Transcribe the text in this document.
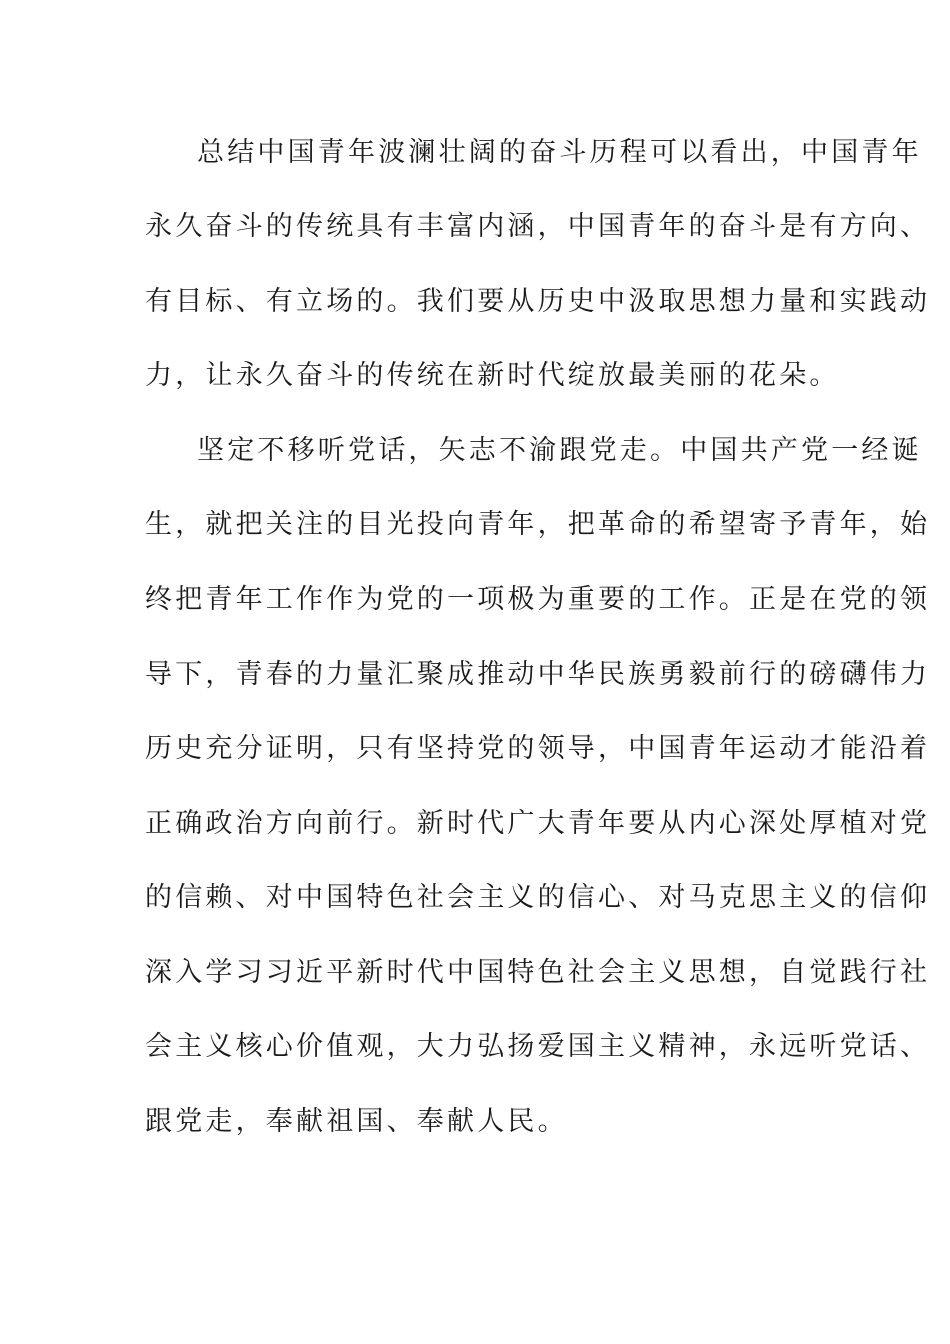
总结中国青年波澜壮阔的奋斗历程可以看出，中国青年
永久奋斗的传统具有丰富内涵，中国青年的奋斗是有方向、
有目标、有立场的。我们要从历史中汲取思想力量和实践动
力，让永久奋斗的传统在新时代绽放最美丽的花朵。
坚定不移听党话，矢志不渝跟党走。中国共产党一经诞
生，就把关注的目光投向青年，把革命的希望寄予青年，始
终把青年工作作为党的一项极为重要的工作。正是在党的领
导下，青春的力量汇聚成推动中华民族勇毅前行的磅礴伟力
历史充分证明，只有坚持党的领导，中国青年运动才能沿着
正确政治方向前行。新时代广大青年要从内心深处厚植对党
的信赖、对中国特色社会主义的信心、对马克思主义的信仰
深入学习习近平新时代中国特色社会主义思想，自觉践行社
会主义核心价值观，大力弘扬爱国主义精神，永远听党话、
跟党走，奉献祖国、奉献人民。
